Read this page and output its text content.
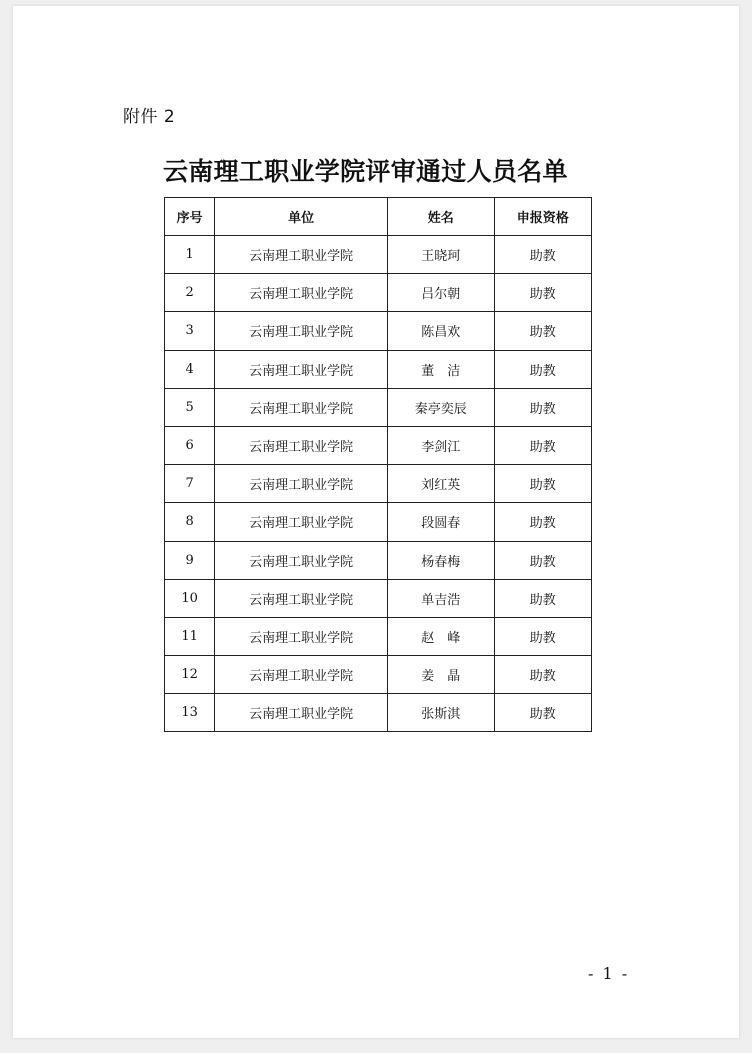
附件 2
云南理工职业学院评审通过人员名单
序号	单位	姓名	申报资格
1	云南理工职业学院	王晓珂	助教
2	云南理工职业学院	吕尔朝	助教
3	云南理工职业学院	陈昌欢	助教
4	云南理工职业学院	董　洁	助教
5	云南理工职业学院	秦亭奕辰	助教
6	云南理工职业学院	李剑江	助教
7	云南理工职业学院	刘红英	助教
8	云南理工职业学院	段圆春	助教
9	云南理工职业学院	杨春梅	助教
10	云南理工职业学院	单吉浩	助教
11	云南理工职业学院	赵　峰	助教
12	云南理工职业学院	姜　晶	助教
13	云南理工职业学院	张斯淇	助教
- 1 -
